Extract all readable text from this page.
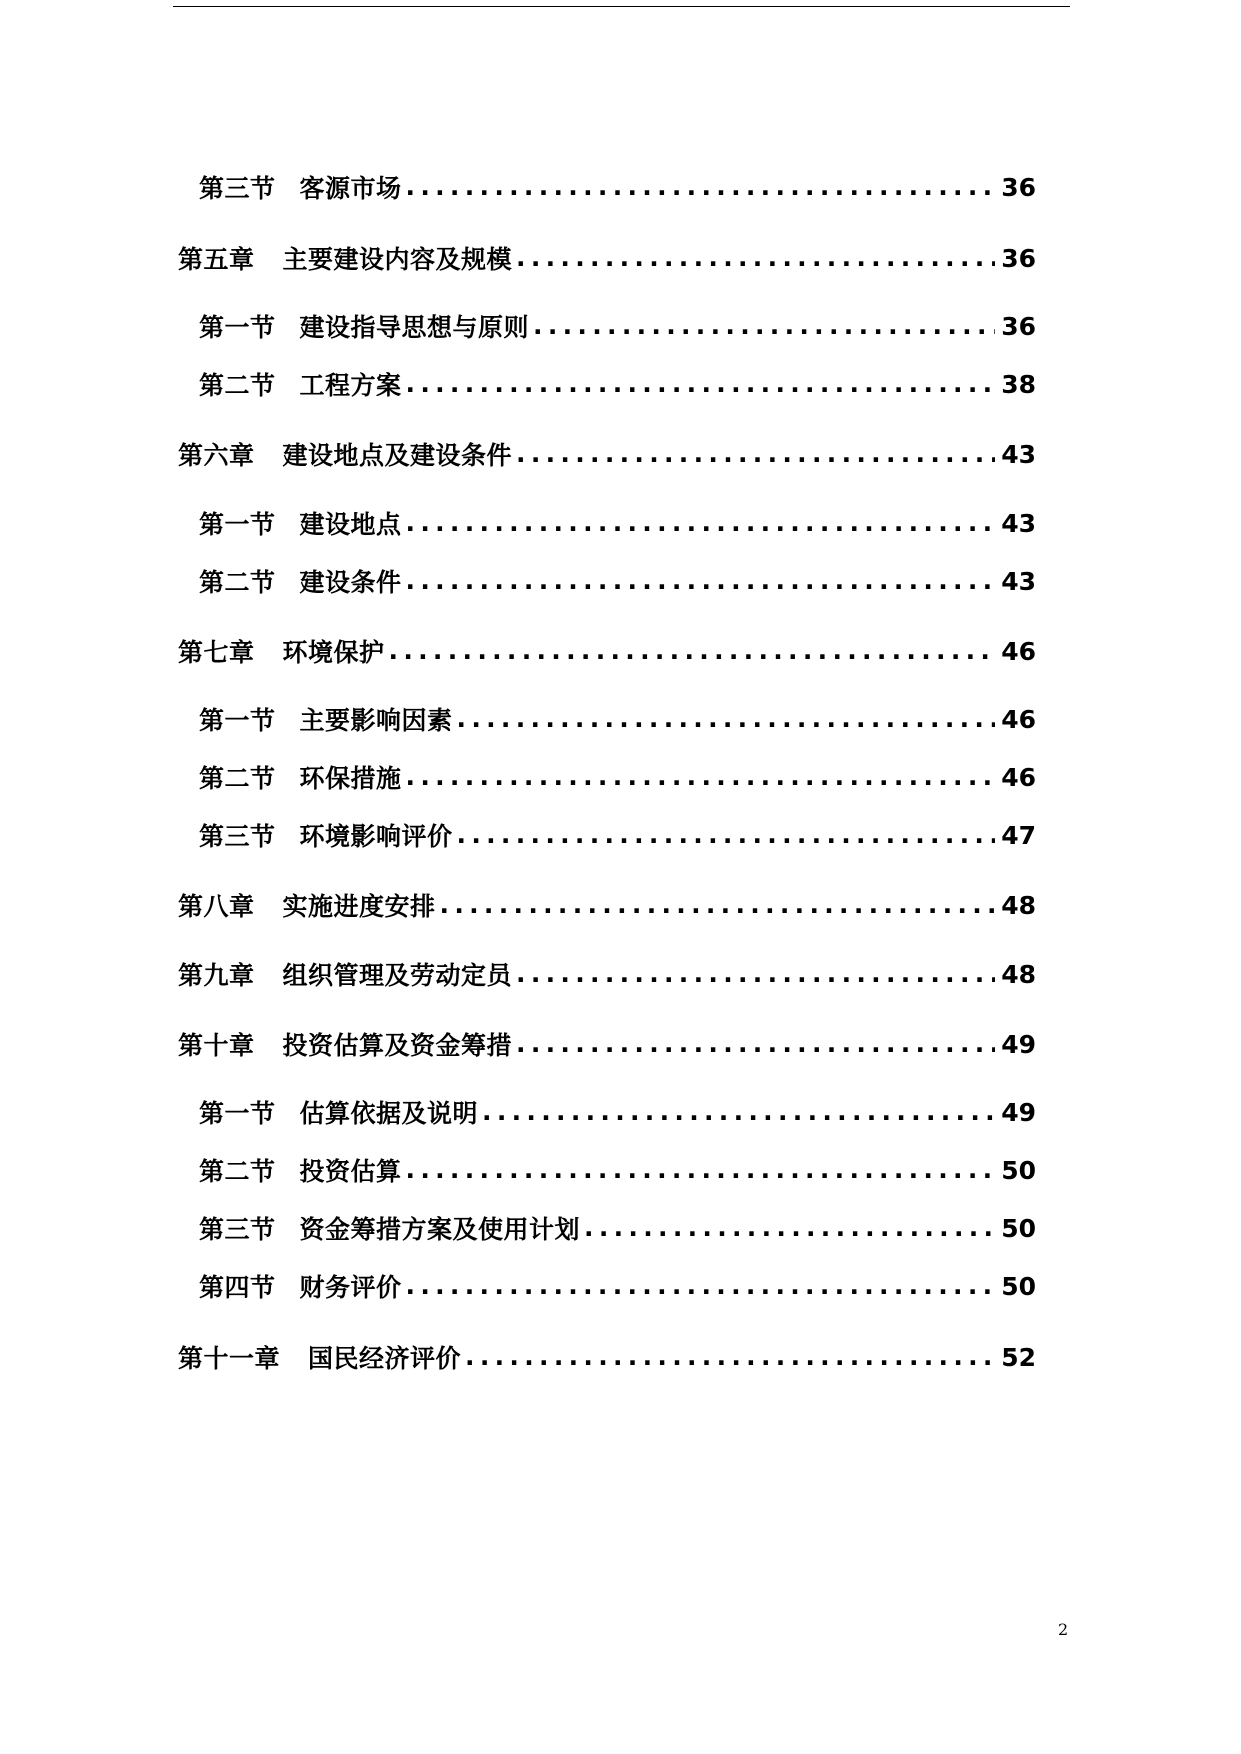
第三节 客源市场 .....	36
第五章 主要建设内容及规模 .....	36
第一节 建设指导思想与原则 .....	36
第二节 工程方案 .....	38
第六章 建设地点及建设条件 .....	43
第一节 建设地点 .....	43
第二节 建设条件 .....	43
第七章 环境保护 .....	46
第一节 主要影响因素 .....	46
第二节 环保措施 .....	46
第三节 环境影响评价 .....	47
第八章 实施进度安排 .....	48
第九章 组织管理及劳动定员 .....	48
第十章 投资估算及资金筹措 .....	49
第一节 估算依据及说明 .....	49
第二节 投资估算 .....	50
第三节 资金筹措方案及使用计划 .....	50
第四节 财务评价 .....	50
第十一章 国民经济评价 .....	52
2
